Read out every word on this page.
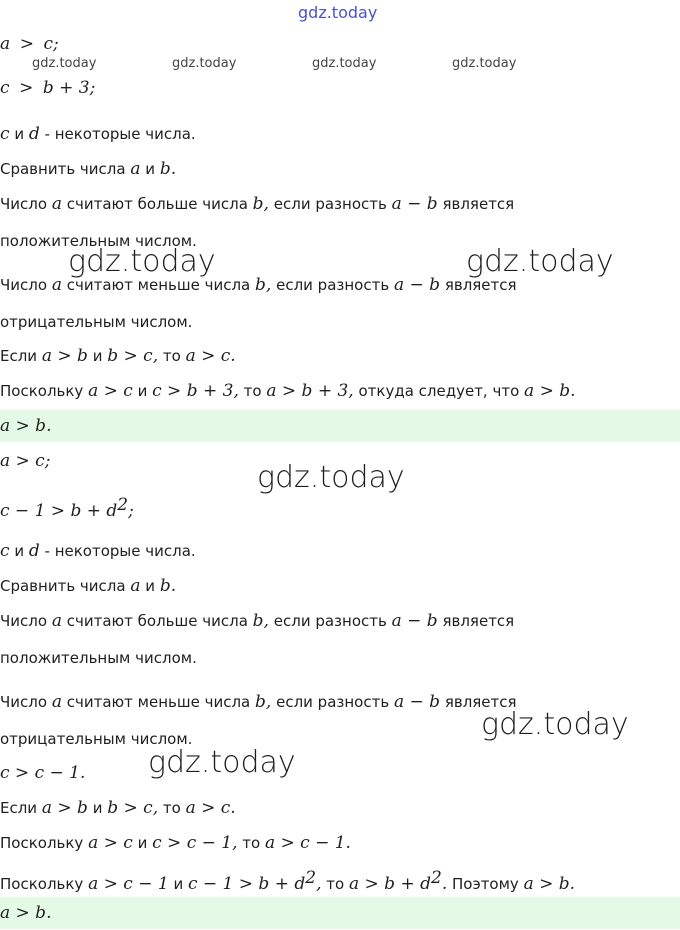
gdz.today
gdz.today	gdz.today	gdz.today	gdz.today
a > c;
c > b + 3;
c и d - некоторые числа.
Сравнить числа a и b.
Число a считают больше числа b, если разность a − b является
положительным числом.
Число a считают меньше числа b, если разность a − b является
отрицательным числом.
Если a > b и b > c, то a > c.
Поскольку a > c и c > b + 3, то a > b + 3, откуда следует, что a > b.
a > b.
a > c;
$c - 1 > b + d^2$;
c и d - некоторые числа.
Сравнить числа a и b.
Число a считают больше числа b, если разность a − b является
положительным числом.
Число a считают меньше числа b, если разность a − b является
отрицательным числом.
c > c − 1.
Если a > b и b > c, то a > c.
Поскольку a > c и c > c − 1, то a > c − 1.
Поскольку a > c − 1 и $c - 1 > b + d^2$, то $a > b + d^2$. Поэтому a > b.
a > b.
gdz.today	gdz.today
gdz.today
gdz.today
gdz.today
